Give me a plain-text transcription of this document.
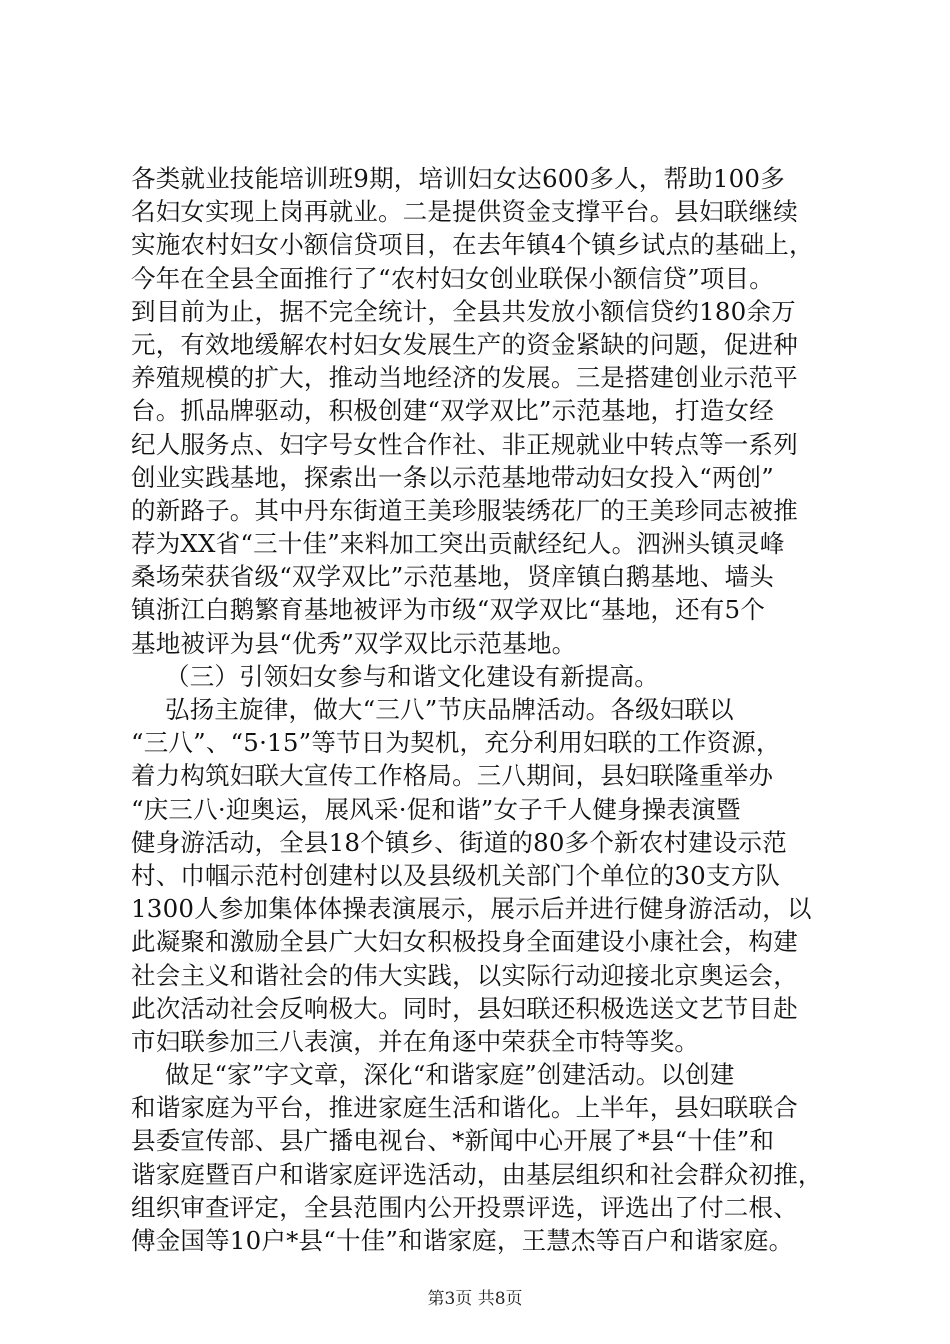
各类就业技能培训班9期，培训妇女达600多人，帮助100多
名妇女实现上岗再就业。二是提供资金支撑平台。县妇联继续
实施农村妇女小额信贷项目，在去年镇4个镇乡试点的基础上，
今年在全县全面推行了“农村妇女创业联保小额信贷”项目。
到目前为止，据不完全统计，全县共发放小额信贷约180余万
元，有效地缓解农村妇女发展生产的资金紧缺的问题，促进种
养殖规模的扩大，推动当地经济的发展。三是搭建创业示范平
台。抓品牌驱动，积极创建“双学双比”示范基地，打造女经
纪人服务点、妇字号女性合作社、非正规就业中转点等一系列
创业实践基地，探索出一条以示范基地带动妇女投入“两创”
的新路子。其中丹东街道王美珍服装绣花厂的王美珍同志被推
荐为XX省“三十佳”来料加工突出贡献经纪人。泗洲头镇灵峰
桑场荣获省级“双学双比”示范基地，贤庠镇白鹅基地、墙头
镇浙江白鹅繁育基地被评为市级“双学双比“基地，还有5个
基地被评为县“优秀”双学双比示范基地。
（三）引领妇女参与和谐文化建设有新提高。
弘扬主旋律，做大“三八”节庆品牌活动。各级妇联以
“三八”、“5·15”等节日为契机，充分利用妇联的工作资源，
着力构筑妇联大宣传工作格局。三八期间，县妇联隆重举办
“庆三八·迎奥运，展风采·促和谐”女子千人健身操表演暨
健身游活动，全县18个镇乡、街道的80多个新农村建设示范
村、巾帼示范村创建村以及县级机关部门个单位的30支方队
1300人参加集体体操表演展示，展示后并进行健身游活动，以
此凝聚和激励全县广大妇女积极投身全面建设小康社会，构建
社会主义和谐社会的伟大实践，以实际行动迎接北京奥运会，
此次活动社会反响极大。同时，县妇联还积极选送文艺节目赴
市妇联参加三八表演，并在角逐中荣获全市特等奖。
做足“家”字文章，深化“和谐家庭”创建活动。以创建
和谐家庭为平台，推进家庭生活和谐化。上半年，县妇联联合
县委宣传部、县广播电视台、*新闻中心开展了*县“十佳”和
谐家庭暨百户和谐家庭评选活动，由基层组织和社会群众初推，
组织审查评定，全县范围内公开投票评选，评选出了付二根、
傅金国等10户*县“十佳”和谐家庭，王慧杰等百户和谐家庭。
第3页 共8页
